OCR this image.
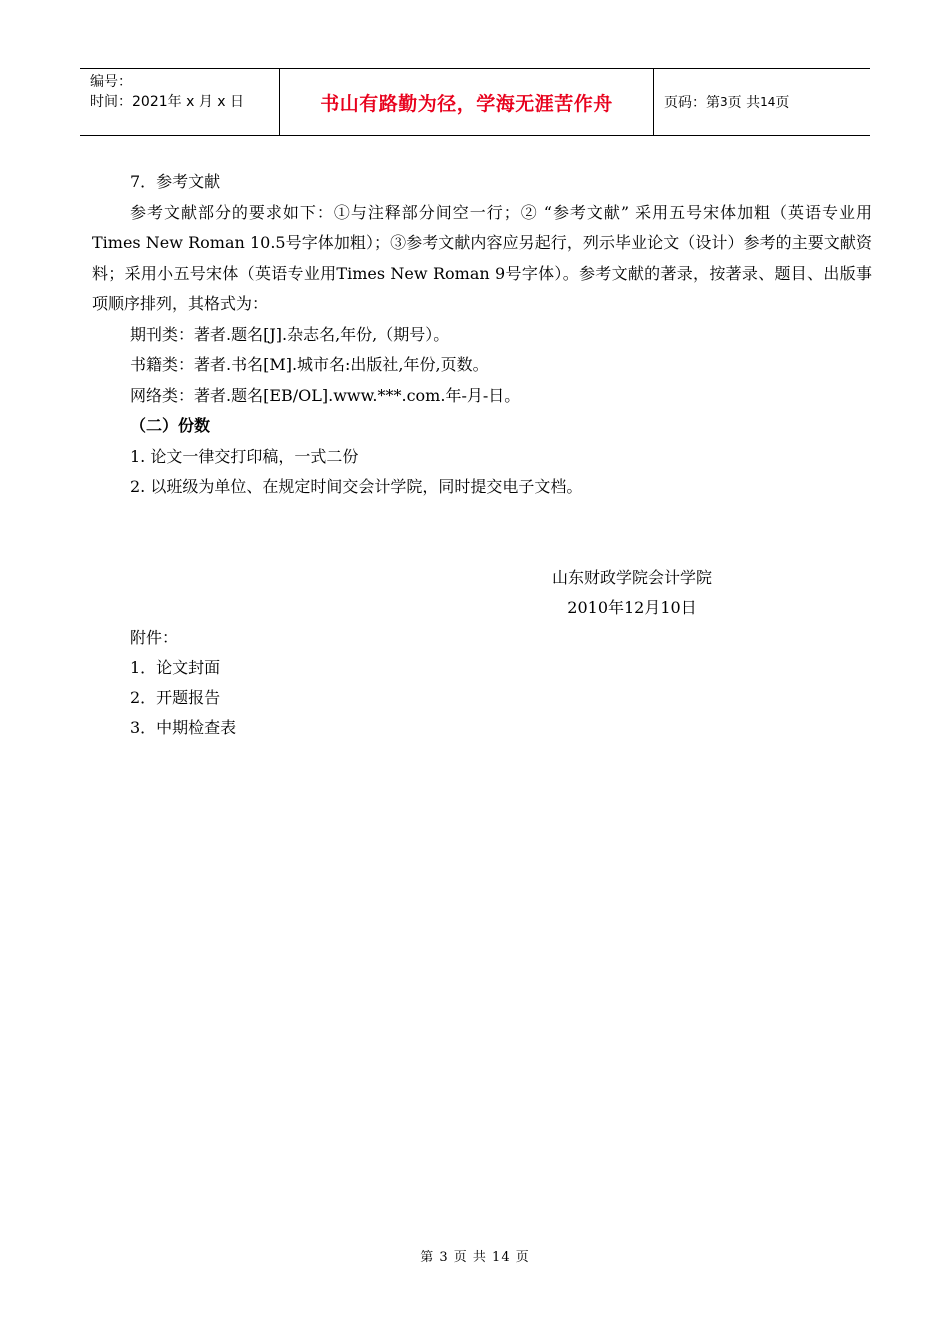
编号：
时间：2021年 x 月 x 日	书山有路勤为径，学海无涯苦作舟	页码：第 3 页 共 14 页

7．参考文献

参考文献部分的要求如下：①与注释部分间空一行；② “参考文献” 采用五号宋体加粗（英语专业用Times New Roman 10.5号字体加粗）；③参考文献内容应另起行，列示毕业论文（设计）参考的主要文献资料；采用小五号宋体（英语专业用Times New Roman 9号字体）。参考文献的著录，按著录、题目、出版事项顺序排列，其格式为：

期刊类：著者.题名[J].杂志名,年份,（期号）。

书籍类：著者.书名[M].城市名:出版社,年份,页数。

网络类：著者.题名[EB/OL].www.***.com.年-月-日。

（二）份数

1. 论文一律交打印稿，一式二份

2. 以班级为单位、在规定时间交会计学院，同时提交电子文档。

山东财政学院会计学院
2010年12月10日

附件：

1．论文封面

2．开题报告

3．中期检查表

第 3 页 共 14 页
